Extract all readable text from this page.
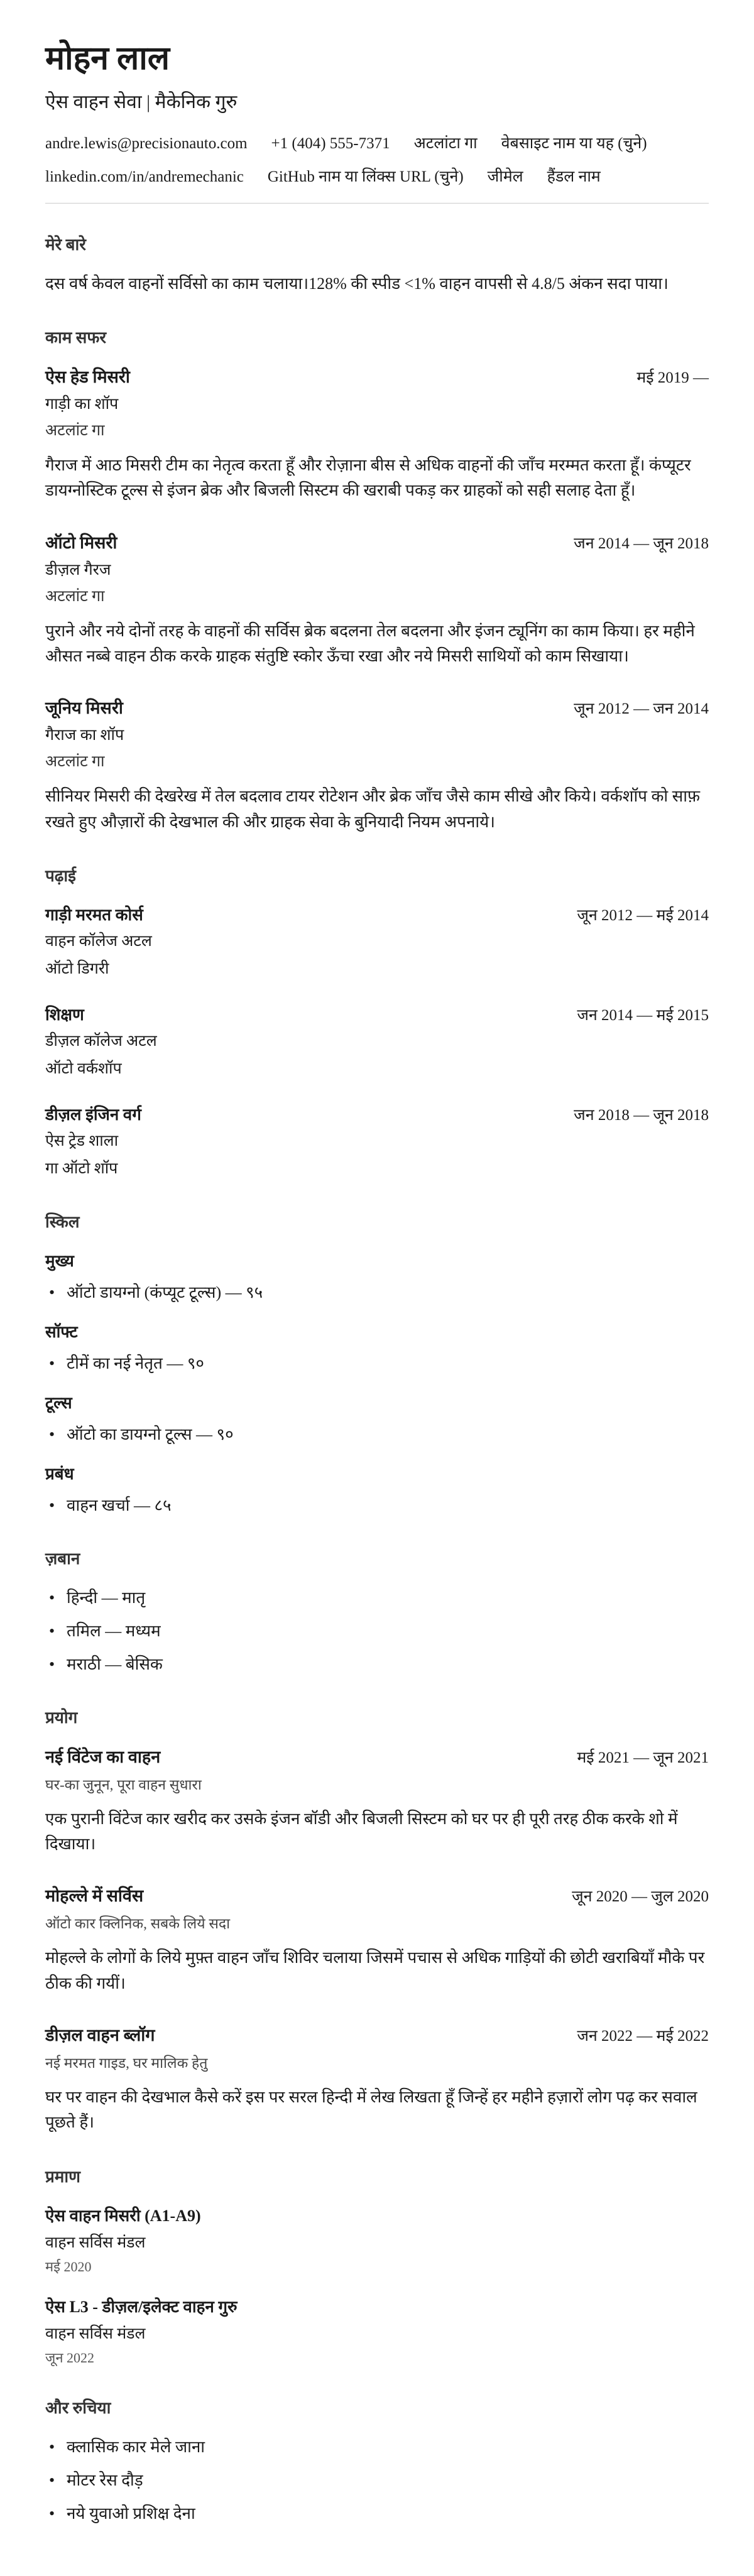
मोहन लाल
ऐस वाहन सेवा | मैकेनिक गुरु
andre.lewis@precisionauto.com +1 (404) 555-7371 अटलांटा गा वेबसाइट नाम या यह (चुने)
linkedin.com/in/andremechanic GitHub नाम या लिंक्स URL (चुने) जीमेल हैंडल नाम
मेरे बारे

दस वर्ष केवल वाहनों सर्विसो का काम चलाया।128% की स्पीड <1% वाहन वापसी से 4.8/5 अंकन सदा पाया।

काम सफर
ऐस हेड मिसरी	मई 2019 —
गाड़ी का शॉप
अटलांट गा

गैराज में आठ मिसरी टीम का नेतृत्व करता हूँ और रोज़ाना बीस से अधिक वाहनों की जाँच मरम्मत करता हूँ। कंप्यूटर डायग्नोस्टिक टूल्स से इंजन ब्रेक और बिजली सिस्टम की खराबी पकड़ कर ग्राहकों को सही सलाह देता हूँ।

ऑटो मिसरी	जन 2014 — जून 2018
डीज़ल गैरज
अटलांट गा

पुराने और नये दोनों तरह के वाहनों की सर्विस ब्रेक बदलना तेल बदलना और इंजन ट्यूनिंग का काम किया। हर महीने औसत नब्बे वाहन ठीक करके ग्राहक संतुष्टि स्कोर ऊँचा रखा और नये मिसरी साथियों को काम सिखाया।

जूनिय मिसरी	जून 2012 — जन 2014
गैराज का शॉप
अटलांट गा

सीनियर मिसरी की देखरेख में तेल बदलाव टायर रोटेशन और ब्रेक जाँच जैसे काम सीखे और किये। वर्कशॉप को साफ़ रखते हुए औज़ारों की देखभाल की और ग्राहक सेवा के बुनियादी नियम अपनाये।

पढ़ाई
गाड़ी मरमत कोर्स	जून 2012 — मई 2014
वाहन कॉलेज अटल
ऑटो डिगरी
शिक्षण	जन 2014 — मई 2015
डीज़ल कॉलेज अटल
ऑटो वर्कशॉप
डीज़ल इंजिन वर्ग	जन 2018 — जून 2018
ऐस ट्रेड शाला
गा ऑटो शॉप
स्किल
मुख्य
• ऑटो डायग्नो (कंप्यूट टूल्स) — ९५
सॉफ्ट
• टीमें का नई नेतृत — ९०
टूल्स
• ऑटो का डायग्नो टूल्स — ९०
प्रबंध
• वाहन खर्चा — ८५
ज़बान
• हिन्दी — मातृ
• तमिल — मध्यम
• मराठी — बेसिक
प्रयोग
नई विंटेज का वाहन	मई 2021 — जून 2021
घर-का जुनून, पूरा वाहन सुधारा

एक पुरानी विंटेज कार खरीद कर उसके इंजन बॉडी और बिजली सिस्टम को घर पर ही पूरी तरह ठीक करके शो में दिखाया।

मोहल्ले में सर्विस	जून 2020 — जुल 2020
ऑटो कार क्लिनिक, सबके लिये सदा

मोहल्ले के लोगों के लिये मुफ़्त वाहन जाँच शिविर चलाया जिसमें पचास से अधिक गाड़ियों की छोटी खराबियाँ मौके पर ठीक की गयीं।

डीज़ल वाहन ब्लॉग	जन 2022 — मई 2022
नई मरमत गाइड, घर मालिक हेतु

घर पर वाहन की देखभाल कैसे करें इस पर सरल हिन्दी में लेख लिखता हूँ जिन्हें हर महीने हज़ारों लोग पढ़ कर सवाल पूछते हैं।

प्रमाण
ऐस वाहन मिसरी (A1-A9)
वाहन सर्विस मंडल
मई 2020
ऐस L3 - डीज़ल/इलेक्ट वाहन गुरु
वाहन सर्विस मंडल
जून 2022
और रुचिया
• क्लासिक कार मेले जाना
• मोटर रेस दौड़
• नये युवाओ प्रशिक्ष देना
